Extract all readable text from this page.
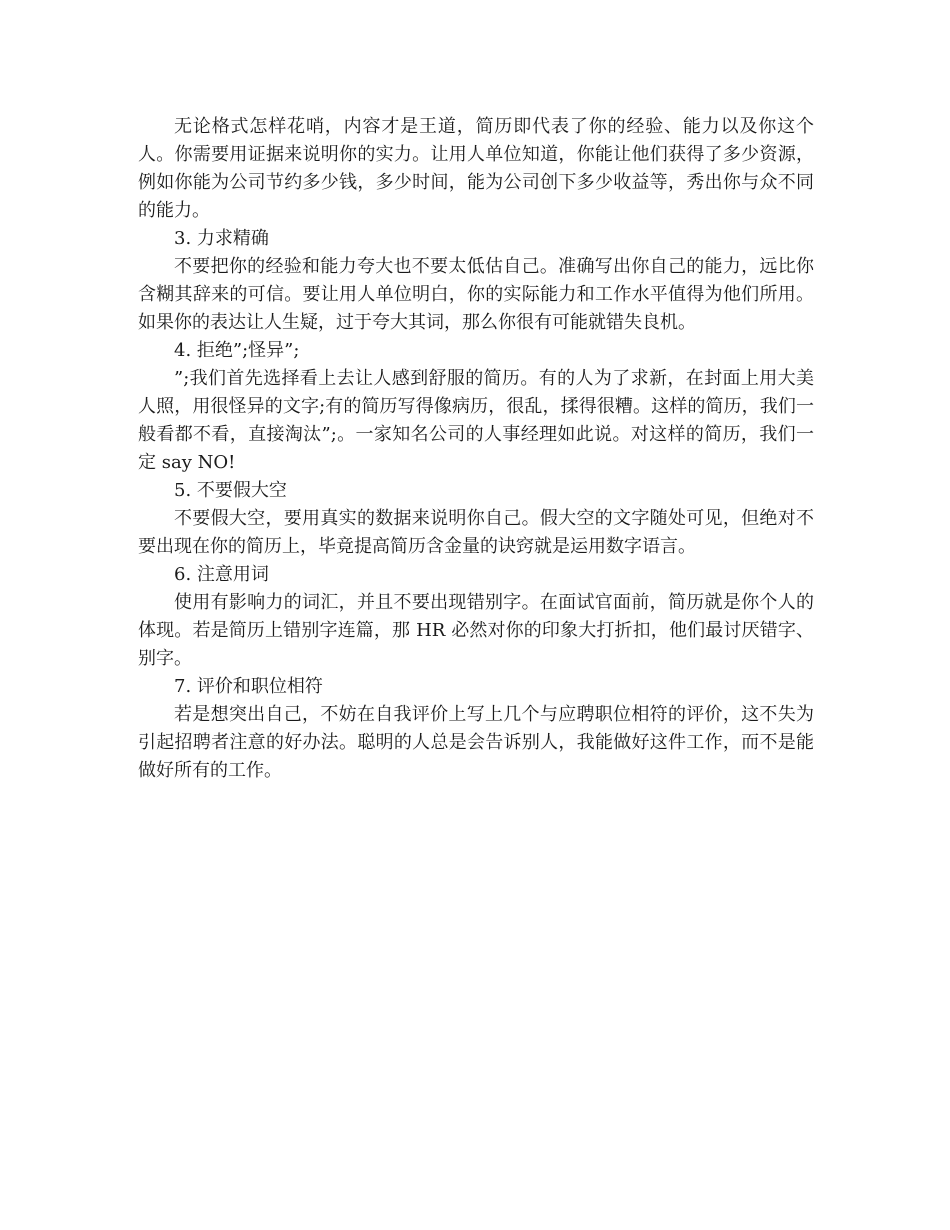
无论格式怎样花哨，内容才是王道，简历即代表了你的经验、能力以及你这个人。你需要用证据来说明你的实力。让用人单位知道，你能让他们获得了多少资源，例如你能为公司节约多少钱，多少时间，能为公司创下多少收益等，秀出你与众不同的能力。

3. 力求精确

不要把你的经验和能力夸大也不要太低估自己。准确写出你自己的能力，远比你含糊其辞来的可信。要让用人单位明白，你的实际能力和工作水平值得为他们所用。如果你的表达让人生疑，过于夸大其词，那么你很有可能就错失良机。

4. 拒绝”;怪异”;

”;我们首先选择看上去让人感到舒服的简历。有的人为了求新，在封面上用大美人照，用很怪异的文字;有的简历写得像病历，很乱，揉得很糟。这样的简历，我们一般看都不看，直接淘汰”;。一家知名公司的人事经理如此说。对这样的简历，我们一定 say NO!

5. 不要假大空

不要假大空，要用真实的数据来说明你自己。假大空的文字随处可见，但绝对不要出现在你的简历上，毕竟提高简历含金量的诀窍就是运用数字语言。

6. 注意用词

使用有影响力的词汇，并且不要出现错别字。在面试官面前，简历就是你个人的体现。若是简历上错别字连篇，那 HR 必然对你的印象大打折扣，他们最讨厌错字、别字。

7. 评价和职位相符

若是想突出自己，不妨在自我评价上写上几个与应聘职位相符的评价，这不失为引起招聘者注意的好办法。聪明的人总是会告诉别人，我能做好这件工作，而不是能做好所有的工作。
